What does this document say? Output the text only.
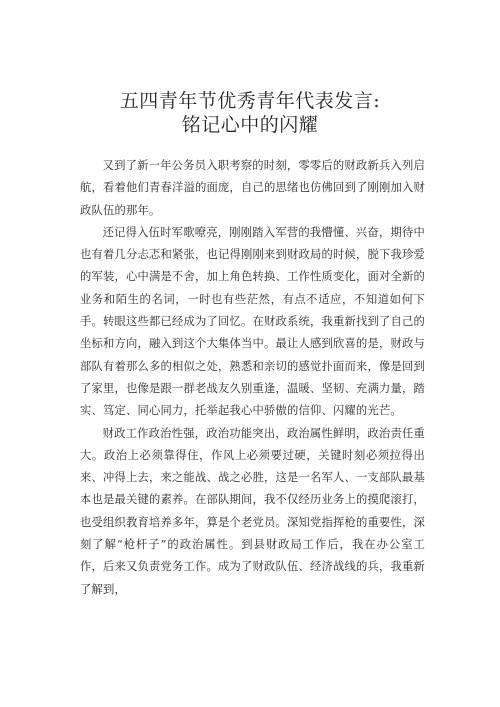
五四青年节优秀青年代表发言:
铭记心中的闪耀

又到了新一年公务员入职考察的时刻，零零后的财政新兵入列启航，看着他们青春洋溢的面庞，自己的思绪也仿佛回到了刚刚加入财政队伍的那年。

还记得入伍时军歌嘹亮，刚刚踏入军营的我懵懂、兴奋，期待中也有着几分忐忑和紧张，也记得刚刚来到财政局的时候，脱下我珍爱的军装，心中满是不舍，加上角色转换、工作性质变化，面对全新的业务和陌生的名词，一时也有些茫然，有点不适应，不知道如何下手。转眼这些都已经成为了回忆。在财政系统，我重新找到了自己的坐标和方向，融入到这个大集体当中。最让人感到欣喜的是，财政与部队有着那么多的相似之处，熟悉和亲切的感觉扑面而来，像是回到了家里，也像是跟一群老战友久别重逢，温暖、坚韧、充满力量，踏实、笃定、同心同力，托举起我心中骄傲的信仰、闪耀的光芒。

财政工作政治性强，政治功能突出，政治属性鲜明，政治责任重大。政治上必须靠得住，作风上必须要过硬，关键时刻必须拉得出来、冲得上去，来之能战、战之必胜，这是一名军人、一支部队最基本也是最关键的素养。在部队期间，我不仅经历业务上的摸爬滚打，也受组织教育培养多年，算是个老党员。深知党指挥枪的重要性，深刻了解“枪杆子”的政治属性。到县财政局工作后，我在办公室工作，后来又负责党务工作。成为了财政队伍、经济战线的兵，我重新了解到，
